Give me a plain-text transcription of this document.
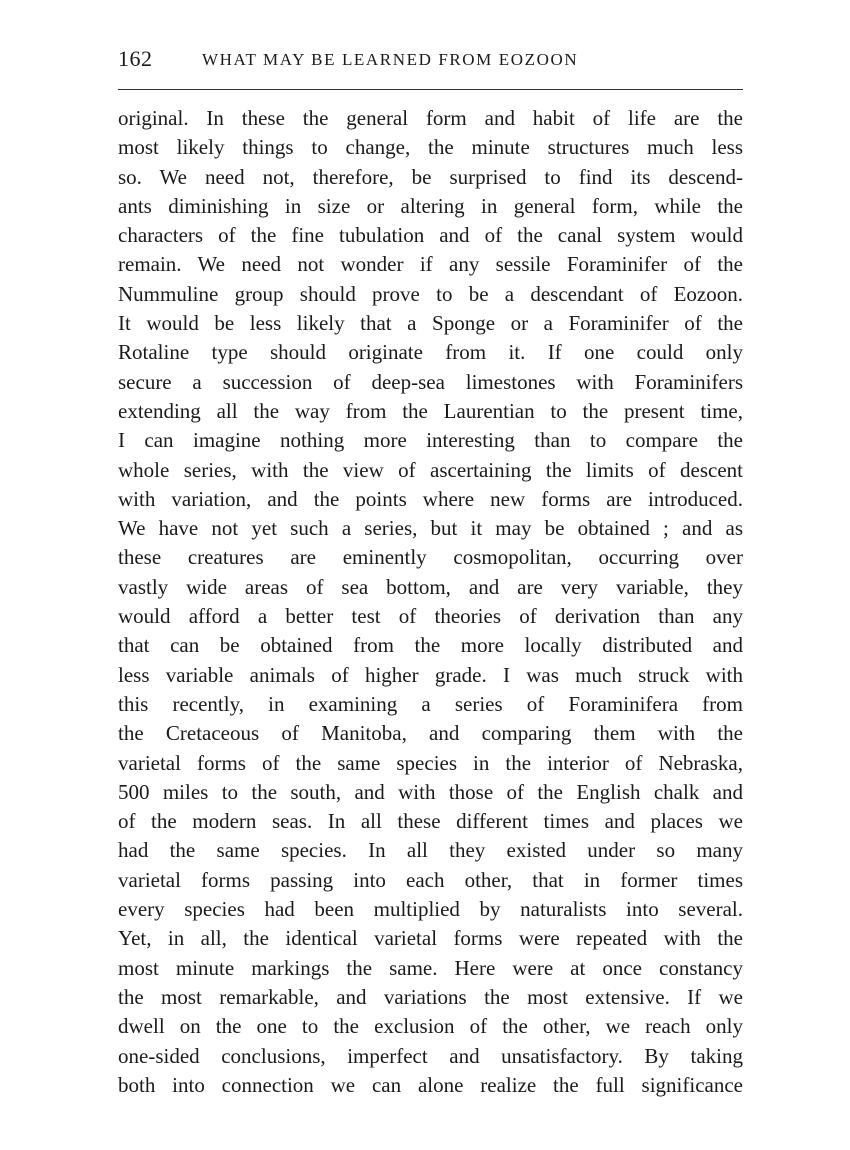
162	WHAT MAY BE LEARNED FROM EOZOON
original. In these the general form and habit of life are the
most likely things to change, the minute structures much less
so. We need not, therefore, be surprised to find its descend-
ants diminishing in size or altering in general form, while the
characters of the fine tubulation and of the canal system would
remain. We need not wonder if any sessile Foraminifer of the
Nummuline group should prove to be a descendant of Eozoon.
It would be less likely that a Sponge or a Foraminifer of the
Rotaline type should originate from it. If one could only
secure a succession of deep-sea limestones with Foraminifers
extending all the way from the Laurentian to the present time,
I can imagine nothing more interesting than to compare the
whole series, with the view of ascertaining the limits of descent
with variation, and the points where new forms are introduced.
We have not yet such a series, but it may be obtained ; and as
these creatures are eminently cosmopolitan, occurring over
vastly wide areas of sea bottom, and are very variable, they
would afford a better test of theories of derivation than any
that can be obtained from the more locally distributed and
less variable animals of higher grade. I was much struck with
this recently, in examining a series of Foraminifera from
the Cretaceous of Manitoba, and comparing them with the
varietal forms of the same species in the interior of Nebraska,
500 miles to the south, and with those of the English chalk and
of the modern seas. In all these different times and places we
had the same species. In all they existed under so many
varietal forms passing into each other, that in former times
every species had been multiplied by naturalists into several.
Yet, in all, the identical varietal forms were repeated with the
most minute markings the same. Here were at once constancy
the most remarkable, and variations the most extensive. If we
dwell on the one to the exclusion of the other, we reach only
one-sided conclusions, imperfect and unsatisfactory. By taking
both into connection we can alone realize the full significance
